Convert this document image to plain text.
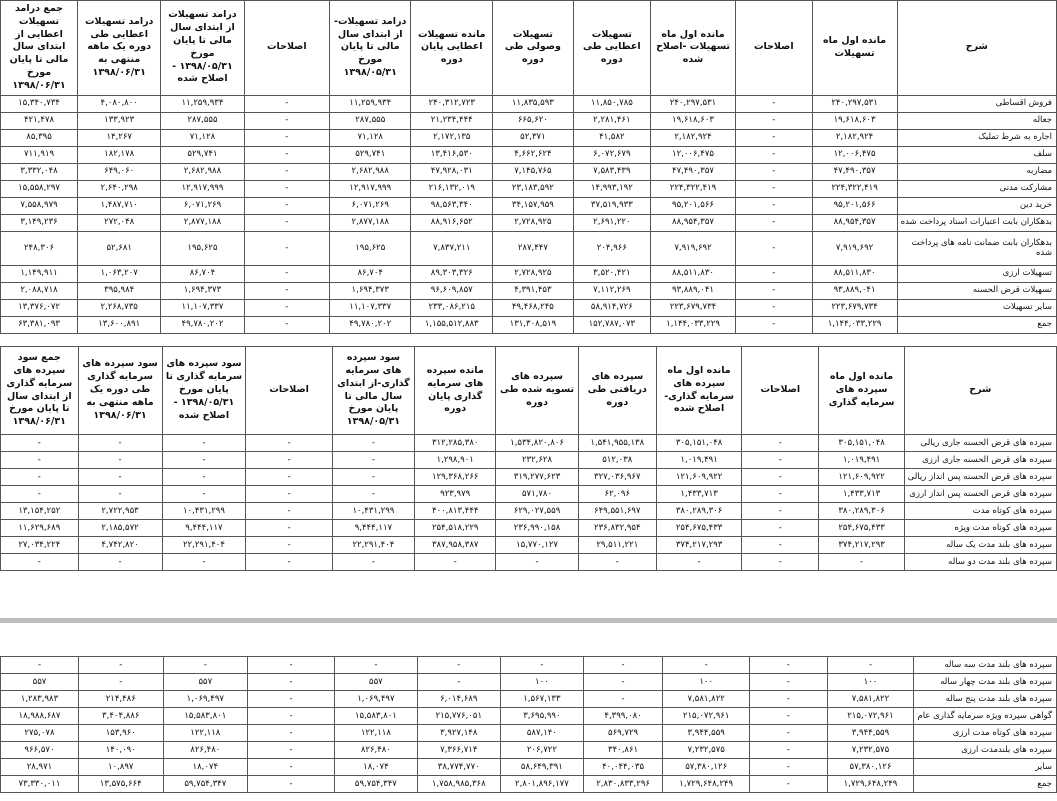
شرح	مانده اول ماه تسهیلات	اصلاحات	مانده اول ماه تسهیلات -اصلاح شده	تسهیلات اعطایی طی دوره	تسهیلات وصولی طی دوره	مانده تسهیلات اعطایی پایان دوره	درامد تسهیلات-از ابتدای سال مالی تا پایان مورخ ۱۳۹۸/۰۵/۳۱	اصلاحات	درامد تسهیلات از ابتدای سال مالی تا پایان مورخ ۱۳۹۸/۰۵/۳۱ - اصلاح شده	درامد تسهیلات اعطایی طی دوره یک ماهه منتهی به ۱۳۹۸/۰۶/۳۱	جمع درامد تسهیلات اعطایی از ابتدای سال مالی تا پایان مورخ ۱۳۹۸/۰۶/۳۱
فروش اقساطی	۲۴۰,۲۹۷,۵۳۱	-	۲۴۰,۲۹۷,۵۳۱	۱۱,۸۵۰,۷۸۵	۱۱,۸۳۵,۵۹۳	۲۴۰,۳۱۲,۷۲۳	۱۱,۲۵۹,۹۳۴	-	۱۱,۲۵۹,۹۳۴	۴,۰۸۰,۸۰۰	۱۵,۳۴۰,۷۳۴
جعاله	۱۹,۶۱۸,۶۰۳	-	۱۹,۶۱۸,۶۰۳	۲,۲۸۱,۴۶۱	۶۶۵,۶۲۰	۲۱,۲۳۴,۴۴۴	۲۸۷,۵۵۵	-	۲۸۷,۵۵۵	۱۳۳,۹۲۳	۴۲۱,۴۷۸
اجاره به شرط تملیک	۲,۱۸۲,۹۲۴	-	۲,۱۸۲,۹۲۴	۴۱,۵۸۲	۵۲,۳۷۱	۲,۱۷۲,۱۳۵	۷۱,۱۲۸	-	۷۱,۱۲۸	۱۴,۲۶۷	۸۵,۳۹۵
سلف	۱۲,۰۰۶,۴۷۵	-	۱۲,۰۰۶,۴۷۵	۶,۰۷۲,۶۷۹	۴,۶۶۲,۶۲۴	۱۳,۴۱۶,۵۳۰	۵۲۹,۷۴۱	-	۵۲۹,۷۴۱	۱۸۲,۱۷۸	۷۱۱,۹۱۹
مضاربه	۴۷,۴۹۰,۳۵۷	-	۴۷,۴۹۰,۳۵۷	۷,۵۸۳,۴۳۹	۷,۱۴۵,۷۶۵	۴۷,۹۲۸,۰۳۱	۲,۶۸۲,۹۸۸	-	۲,۶۸۲,۹۸۸	۶۴۹,۰۶۰	۳,۳۳۲,۰۴۸
مشارکت مدنی	۲۲۴,۳۲۲,۴۱۹	-	۲۲۴,۳۲۲,۴۱۹	۱۴,۹۹۳,۱۹۲	۲۳,۱۸۳,۵۹۲	۲۱۶,۱۳۲,۰۱۹	۱۲,۹۱۷,۹۹۹	-	۱۲,۹۱۷,۹۹۹	۲,۶۴۰,۲۹۸	۱۵,۵۵۸,۲۹۷
خرید دین	۹۵,۲۰۱,۵۶۶	-	۹۵,۲۰۱,۵۶۶	۳۷,۵۱۹,۹۳۳	۳۴,۱۵۷,۹۵۹	۹۸,۵۶۳,۳۴۰	۶,۰۷۱,۲۶۹	-	۶,۰۷۱,۲۶۹	۱,۴۸۷,۷۱۰	۷,۵۵۸,۹۷۹
بدهکاران بابت اعتبارات اسناد پرداخت شده	۸۸,۹۵۴,۳۵۷	-	۸۸,۹۵۴,۳۵۷	۲,۶۹۱,۲۲۰	۲,۷۲۸,۹۲۵	۸۸,۹۱۶,۶۵۲	۲,۸۷۷,۱۸۸	-	۲,۸۷۷,۱۸۸	۲۷۲,۰۴۸	۳,۱۴۹,۲۳۶
بدهکاران بابت ضمانت نامه های پرداخت شده	۷,۹۱۹,۶۹۲	-	۷,۹۱۹,۶۹۲	۲۰۴,۹۶۶	۲۸۷,۴۴۷	۷,۸۳۷,۲۱۱	۱۹۵,۶۲۵	-	۱۹۵,۶۲۵	۵۲,۶۸۱	۲۴۸,۳۰۶
تسهیلات ارزی	۸۸,۵۱۱,۸۳۰	-	۸۸,۵۱۱,۸۳۰	۳,۵۲۰,۴۲۱	۲,۷۲۸,۹۲۵	۸۹,۳۰۳,۳۲۶	۸۶,۷۰۴	-	۸۶,۷۰۴	۱,۰۶۳,۲۰۷	۱,۱۴۹,۹۱۱
تسهیلات قرض الحسنه	۹۳,۸۸۹,۰۴۱	-	۹۳,۸۸۹,۰۴۱	۷,۱۱۲,۲۶۹	۴,۳۹۱,۴۵۳	۹۶,۶۰۹,۸۵۷	۱,۶۹۴,۳۷۳	-	۱,۶۹۴,۳۷۳	۳۹۵,۹۸۴	۲,۰۸۸,۷۱۸
سایر تسهیلات	۲۲۳,۶۷۹,۷۳۴	-	۲۲۳,۶۷۹,۷۳۴	۵۸,۹۱۴,۷۲۶	۴۹,۴۶۸,۲۴۵	۲۳۳,۰۸۶,۲۱۵	۱۱,۱۰۷,۳۳۷	-	۱۱,۱۰۷,۳۳۷	۲,۲۶۸,۷۳۵	۱۳,۳۷۶,۰۷۲
جمع	۱,۱۴۴,۰۳۳,۲۲۹	-	۱,۱۴۴,۰۳۳,۲۲۹	۱۵۲,۷۸۷,۰۷۳	۱۳۱,۳۰۸,۵۱۹	۱,۱۵۵,۵۱۲,۸۸۳	۴۹,۷۸۰,۲۰۲	-	۴۹,۷۸۰,۲۰۲	۱۳,۶۰۰,۸۹۱	۶۳,۳۸۱,۰۹۳
شرح	مانده اول ماه سپرده های سرمایه گذاری	اصلاحات	مانده اول ماه سپرده های سرمایه گذاری- اصلاح شده	سپرده های دریافتی طی دوره	سپرده های تسویه شده طی دوره	مانده سپرده های سرمایه گذاری پایان دوره	سود سپرده های سرمایه گذاری-از ابتدای سال مالی تا پایان مورخ ۱۳۹۸/۰۵/۳۱	اصلاحات	سود سپرده های سرمایه گذاری تا پایان مورخ ۱۳۹۸/۰۵/۳۱ - اصلاح شده	سود سپرده های سرمایه گذاری طی دوره یک ماهه منتهی به ۱۳۹۸/۰۶/۳۱	جمع سود سپرده های سرمایه گذاری از ابتدای سال تا پایان مورخ ۱۳۹۸/۰۶/۳۱
سپرده های قرض الحسنه جاری ریالی	۳۰۵,۱۵۱,۰۴۸	-	۳۰۵,۱۵۱,۰۴۸	۱,۵۴۱,۹۵۵,۱۳۸	۱,۵۳۴,۸۲۰,۸۰۶	۳۱۲,۲۸۵,۳۸۰	-	-	-	-	-
سپرده های قرض الحسنه جاری ارزی	۱,۰۱۹,۴۹۱	-	۱,۰۱۹,۴۹۱	۵۱۲,۰۳۸	۲۳۲,۶۲۸	۱,۲۹۸,۹۰۱	-	-	-	-	-
سپرده های قرض الحسنه پس انداز ریالی	۱۲۱,۶۰۹,۹۲۲	-	۱۲۱,۶۰۹,۹۲۲	۳۲۷,۰۳۶,۹۶۷	۳۱۹,۲۷۷,۶۲۳	۱۲۹,۳۶۸,۲۶۶	-	-	-	-	-
سپرده های قرض الحسنه پس انداز ارزی	۱,۴۳۳,۷۱۳	-	۱,۴۳۳,۷۱۳	۶۲,۰۹۶	۵۷۱,۷۸۰	۹۲۳,۹۷۹	-	-	-	-	-
سپرده های کوتاه مدت	۳۸۰,۲۸۹,۳۰۶	-	۳۸۰,۲۸۹,۳۰۶	۶۴۹,۵۵۱,۶۹۷	۶۲۹,۰۲۷,۵۵۹	۴۰۰,۸۱۳,۴۴۴	۱۰,۴۳۱,۲۹۹	-	۱۰,۴۳۱,۲۹۹	۲,۷۲۲,۹۵۳	۱۳,۱۵۴,۲۵۲
سپرده های کوتاه مدت ویژه	۲۵۴,۶۷۵,۴۳۳	-	۲۵۴,۶۷۵,۴۳۳	۲۳۶,۸۳۲,۹۵۴	۲۳۶,۹۹۰,۱۵۸	۲۵۴,۵۱۸,۲۲۹	۹,۴۴۴,۱۱۷	-	۹,۴۴۴,۱۱۷	۲,۱۸۵,۵۷۲	۱۱,۶۲۹,۶۸۹
سپرده های بلند مدت یک ساله	۳۷۴,۲۱۷,۲۹۳	-	۳۷۴,۲۱۷,۲۹۳	۲۹,۵۱۱,۲۲۱	۱۵,۷۷۰,۱۲۷	۳۸۷,۹۵۸,۳۸۷	۲۲,۲۹۱,۴۰۴	-	۲۲,۲۹۱,۴۰۴	۴,۷۴۲,۸۲۰	۲۷,۰۳۴,۲۲۴
سپرده های بلند مدت دو ساله	-	-	-	-	-	-	-	-	-	-	-
سپرده های بلند مدت سه ساله	-	-	-	-	-	-	-	-	-	-	-
سپرده های بلند مدت چهار ساله	۱۰۰	-	۱۰۰	-	۱۰۰	-	۵۵۷	-	۵۵۷	-	۵۵۷
سپرده های بلند مدت پنج ساله	۷,۵۸۱,۸۲۲	-	۷,۵۸۱,۸۲۲	-	۱,۵۶۷,۱۳۳	۶,۰۱۴,۶۸۹	۱,۰۶۹,۴۹۷	-	۱,۰۶۹,۴۹۷	۲۱۴,۴۸۶	۱,۲۸۳,۹۸۳
گواهی سپرده ویژه سرمایه گذاری عام	۲۱۵,۰۷۲,۹۶۱	-	۲۱۵,۰۷۲,۹۶۱	۴,۳۹۹,۰۸۰	۳,۶۹۵,۹۹۰	۲۱۵,۷۷۶,۰۵۱	۱۵,۵۸۳,۸۰۱	-	۱۵,۵۸۳,۸۰۱	۳,۴۰۴,۸۸۶	۱۸,۹۸۸,۶۸۷
سپرده های کوتاه مدت ارزی	۳,۹۴۴,۵۵۹	-	۳,۹۴۴,۵۵۹	۵۶۹,۷۲۹	۵۸۷,۱۴۰	۳,۹۲۷,۱۴۸	۱۲۲,۱۱۸	-	۱۲۲,۱۱۸	۱۵۳,۹۶۰	۲۷۵,۰۷۸
سپرده های بلندمدت ارزی	۷,۲۳۲,۵۷۵	-	۷,۲۳۲,۵۷۵	۳۴۰,۸۶۱	۲۰۶,۷۲۲	۷,۳۶۶,۷۱۴	۸۲۶,۴۸۰	-	۸۲۶,۴۸۰	۱۴۰,۰۹۰	۹۶۶,۵۷۰
سایر	۵۷,۳۸۰,۱۲۶	-	۵۷,۳۸۰,۱۲۶	۴۰,۰۴۴,۰۳۵	۵۸,۶۴۹,۳۹۱	۳۸,۷۷۴,۷۷۰	۱۸,۰۷۴	-	۱۸,۰۷۴	۱۰,۸۹۷	۲۸,۹۷۱
جمع	۱,۷۲۹,۶۴۸,۲۴۹	-	۱,۷۲۹,۶۴۸,۲۴۹	۲,۸۳۰,۸۳۳,۲۹۶	۲,۸۰۱,۸۹۶,۱۷۷	۱,۷۵۸,۹۸۵,۳۶۸	۵۹,۷۵۴,۳۴۷	-	۵۹,۷۵۴,۳۴۷	۱۳,۵۷۵,۶۶۴	۷۳,۳۳۰,۰۱۱
